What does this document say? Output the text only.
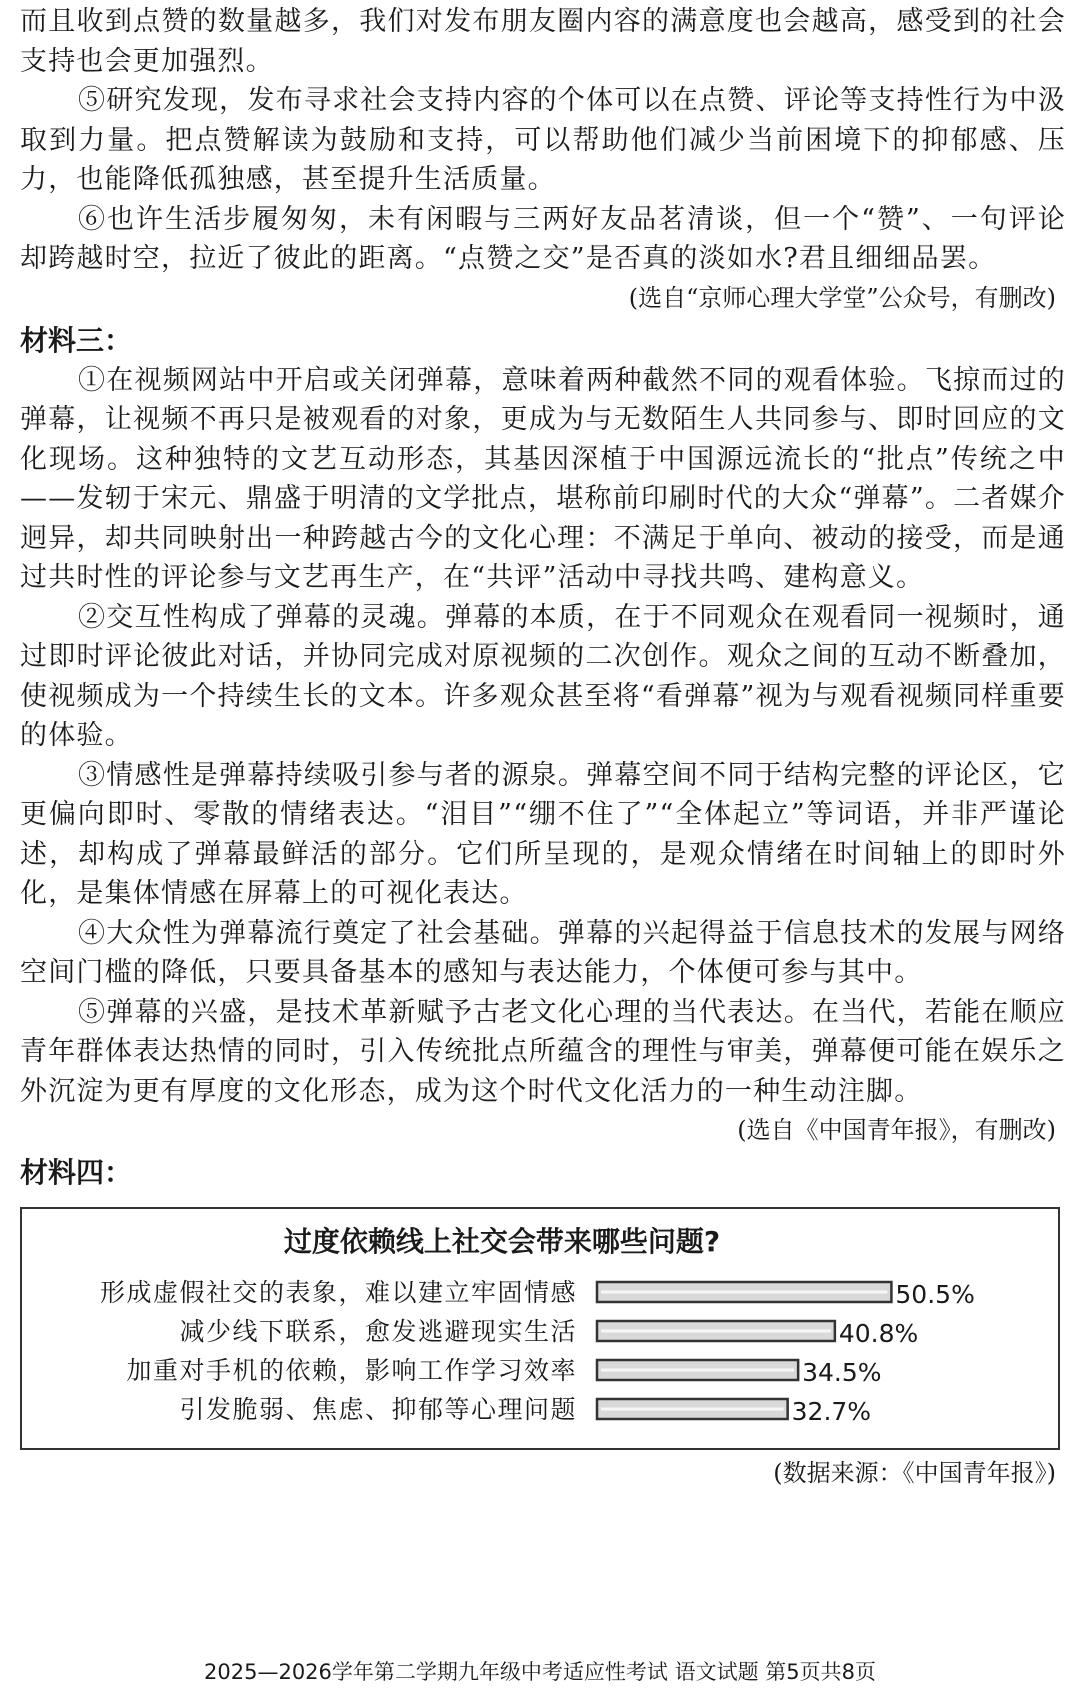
而且收到点赞的数量越多，我们对发布朋友圈内容的满意度也会越高，感受到的社会支持也会更加强烈。

⑤研究发现，发布寻求社会支持内容的个体可以在点赞、评论等支持性行为中汲取到力量。把点赞解读为鼓励和支持，可以帮助他们减少当前困境下的抑郁感、压力，也能降低孤独感，甚至提升生活质量。

⑥也许生活步履匆匆，未有闲暇与三两好友品茗清谈，但一个“赞”、一句评论却跨越时空，拉近了彼此的距离。“点赞之交”是否真的淡如水?君且细细品罢。

(选自“京师心理大学堂”公众号，有删改)

材料三：

①在视频网站中开启或关闭弹幕，意味着两种截然不同的观看体验。飞掠而过的弹幕，让视频不再只是被观看的对象，更成为与无数陌生人共同参与、即时回应的文化现场。这种独特的文艺互动形态，其基因深植于中国源远流长的“批点”传统之中——发轫于宋元、鼎盛于明清的文学批点，堪称前印刷时代的大众“弹幕”。二者媒介迥异，却共同映射出一种跨越古今的文化心理：不满足于单向、被动的接受，而是通过共时性的评论参与文艺再生产，在“共评”活动中寻找共鸣、建构意义。

②交互性构成了弹幕的灵魂。弹幕的本质，在于不同观众在观看同一视频时，通过即时评论彼此对话，并协同完成对原视频的二次创作。观众之间的互动不断叠加，使视频成为一个持续生长的文本。许多观众甚至将“看弹幕”视为与观看视频同样重要的体验。

③情感性是弹幕持续吸引参与者的源泉。弹幕空间不同于结构完整的评论区，它更偏向即时、零散的情绪表达。“泪目”“绷不住了”“全体起立”等词语，并非严谨论述，却构成了弹幕最鲜活的部分。它们所呈现的，是观众情绪在时间轴上的即时外化，是集体情感在屏幕上的可视化表达。

④大众性为弹幕流行奠定了社会基础。弹幕的兴起得益于信息技术的发展与网络空间门槛的降低，只要具备基本的感知与表达能力，个体便可参与其中。

⑤弹幕的兴盛，是技术革新赋予古老文化心理的当代表达。在当代，若能在顺应青年群体表达热情的同时，引入传统批点所蕴含的理性与审美，弹幕便可能在娱乐之外沉淀为更有厚度的文化形态，成为这个时代文化活力的一种生动注脚。

(选自《中国青年报》，有删改)

材料四：

过度依赖线上社交会带来哪些问题?
形成虚假社交的表象，难以建立牢固情感	50.5%
减少线下联系，愈发逃避现实生活	40.8%
加重对手机的依赖，影响工作学习效率	34.5%
引发脆弱、焦虑、抑郁等心理问题	32.7%

(数据来源：《中国青年报》)

2025—2026学年第二学期九年级中考适应性考试 语文试题 第5页共8页
